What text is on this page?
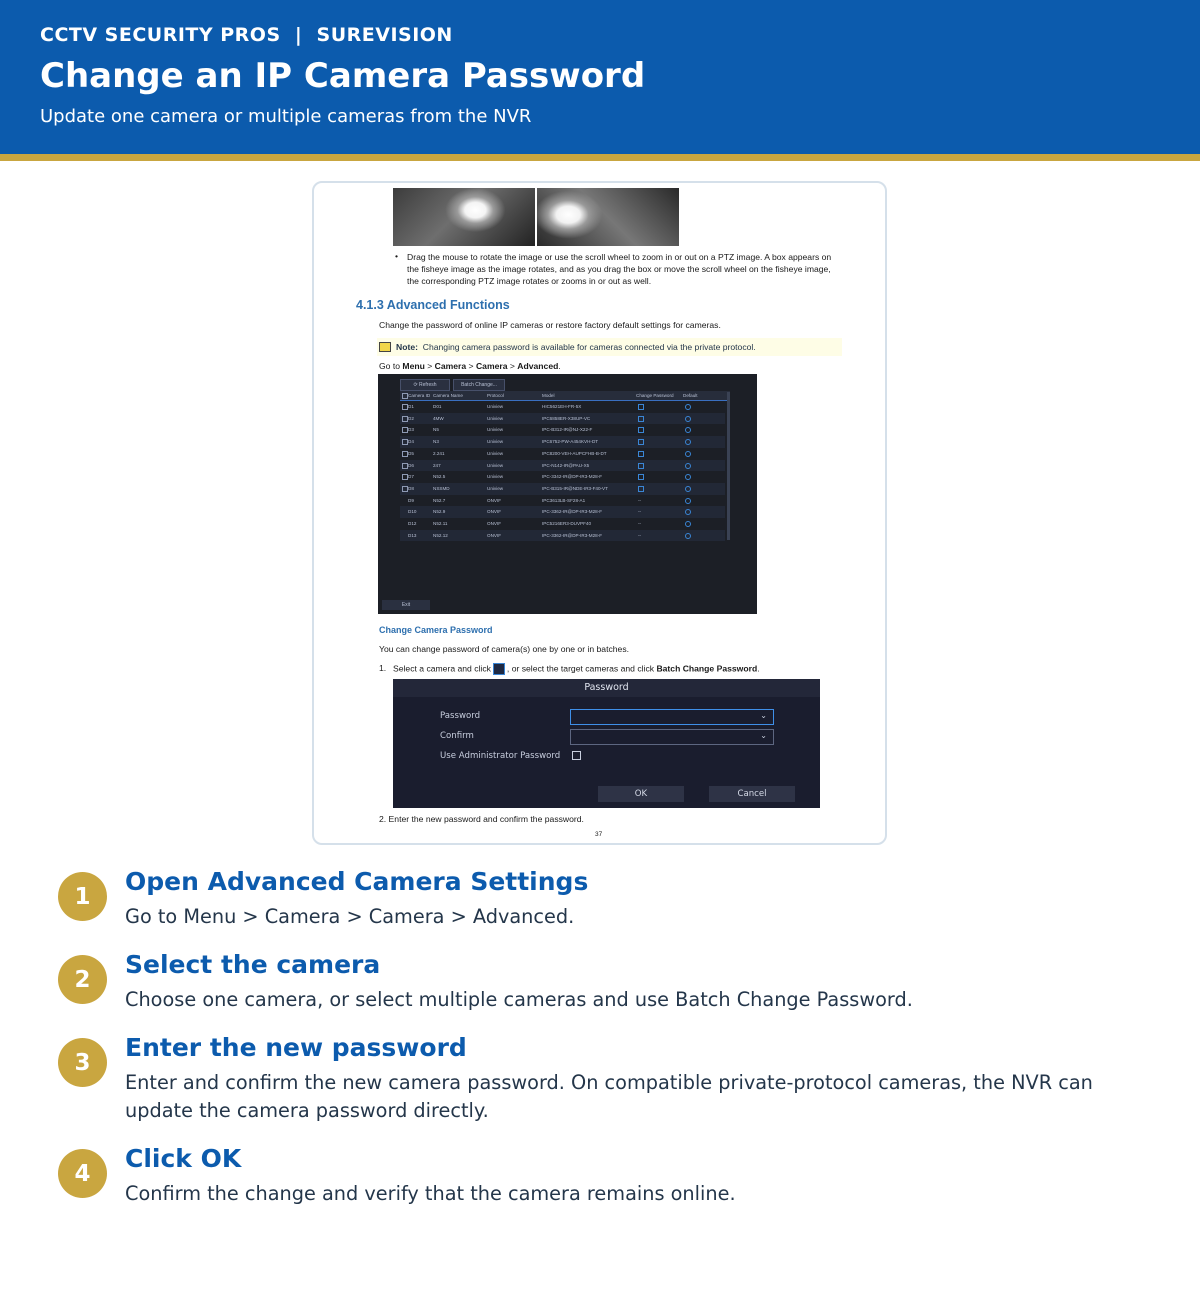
CCTV SECURITY PROS  |  SUREVISION
Change an IP Camera Password
Update one camera or multiple cameras from the NVR
• Drag the mouse to rotate the image or use the scroll wheel to zoom in or out on a PTZ image. A box appears on the fisheye image as the image rotates, and as you drag the box or move the scroll wheel on the fisheye image, the corresponding PTZ image rotates or zooms in or out as well.
4.1.3 Advanced Functions
Change the password of online IP cameras or restore factory default settings for cameras.
Note: Changing camera password is available for cameras connected via the private protocol.
Go to Menu > Camera > Camera > Advanced.
⟳ Refresh	Batch Change...
Camera ID Camera Name	Protocol	Model	Change Password Default
D1	D01	Uniview	HIC5621EH-FR-5X
D2	4MW	Uniview	IPC6858ER-X38UP-VC
D3	N5	Uniview	IPC-B312-IR@NJ-X22-F
D4	N3	Uniview	IPC6752-PW-A454KVH-DT
D5	2.241	Uniview	IPC8200-VEH-AUPCFHB-B-DT
D6	247	Uniview	IPC-N142-IR@PAU-X5
D7	N52.5	Uniview	IPC-3342-IR@DP-IR3-M28-F
D8	NSSMD	Uniview	IPC-B315-IR@NDE-IR3-F40-VT
D9	N52.7	ONVIF	IPC3613LB-SF28-A1	--
D10	N52.9	ONVIF	IPC-3362-IR@DP-IR3-M28-F	--
D12	N52.11	ONVIF	IPC5216ER3-DUVPF40	--
D13	N52.12	ONVIF	IPC-3362-IR@DP-IR3-M28-F	--
Exit
Change Camera Password
You can change password of camera(s) one by one or in batches.
1. Select a camera and click , or select the target cameras and click Batch Change Password.
Password
Password	⌄
Confirm	⌄
Use Administrator Password
OK	Cancel
2. Enter the new password and confirm the password.
37
1
Open Advanced Camera Settings
Go to Menu > Camera > Camera > Advanced.
2
Select the camera
Choose one camera, or select multiple cameras and use Batch Change Password.
3
Enter the new password
Enter and confirm the new camera password. On compatible private-protocol cameras, the NVR can update the camera password directly.
4
Click OK
Confirm the change and verify that the camera remains online.
